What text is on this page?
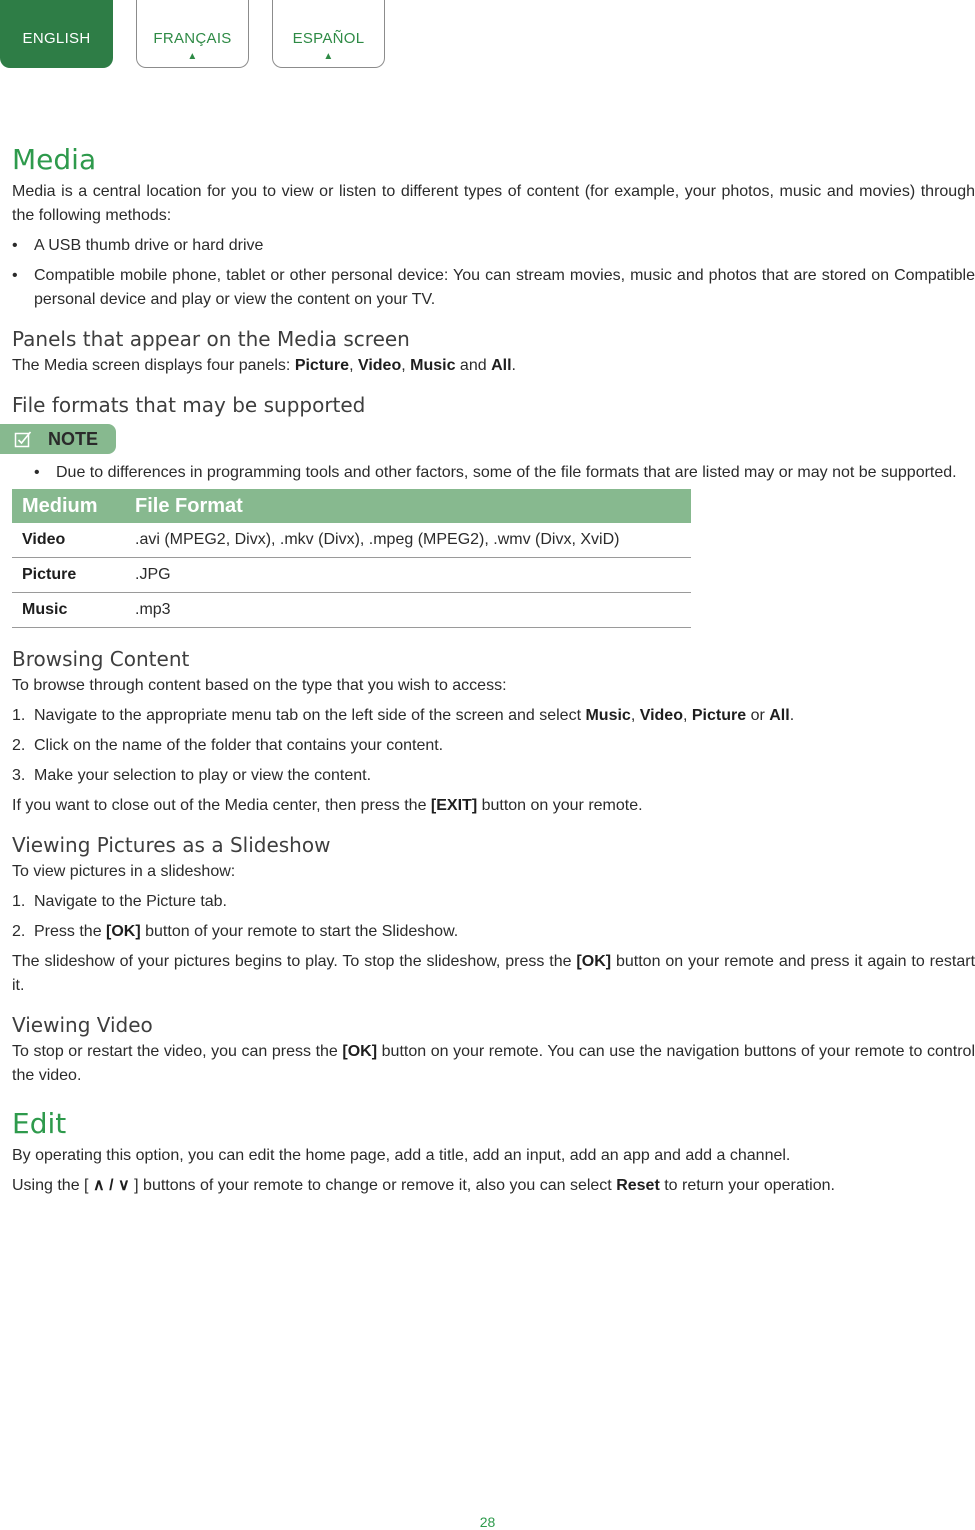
ENGLISH	FRANÇAIS
▲
ESPAÑOL
▲
Media

Media is a central location for you to view or listen to different types of content (for example, your photos, music and movies) through the following methods:

• A USB thumb drive or hard drive
• Compatible mobile phone, tablet or other personal device: You can stream movies, music and photos that are stored on Compatible personal device and play or view the content on your TV.
Panels that appear on the Media screen

The Media screen displays four panels: Picture, Video, Music and All.

File formats that may be supported
NOTE
• Due to differences in programming tools and other factors, some of the file formats that are listed may or may not be supported.
Medium	File Format
Video	.avi (MPEG2, Divx), .mkv (Divx), .mpeg (MPEG2), .wmv (Divx, XviD)
Picture	.JPG
Music	.mp3
Browsing Content

To browse through content based on the type that you wish to access:

1. Navigate to the appropriate menu tab on the left side of the screen and select Music, Video, Picture or All.
2. Click on the name of the folder that contains your content.
3. Make your selection to play or view the content.

If you want to close out of the Media center, then press the [EXIT] button on your remote.

Viewing Pictures as a Slideshow

To view pictures in a slideshow:

1. Navigate to the Picture tab.
2. Press the [OK] button of your remote to start the Slideshow.

The slideshow of your pictures begins to play. To stop the slideshow, press the [OK] button on your remote and press it again to restart it.

Viewing Video

To stop or restart the video, you can press the [OK] button on your remote. You can use the navigation buttons of your remote to control the video.

Edit

By operating this option, you can edit the home page, add a title, add an input, add an app and add a channel.

Using the [ ∧ / ∨ ] buttons of your remote to change or remove it, also you can select Reset to return your operation.

28
